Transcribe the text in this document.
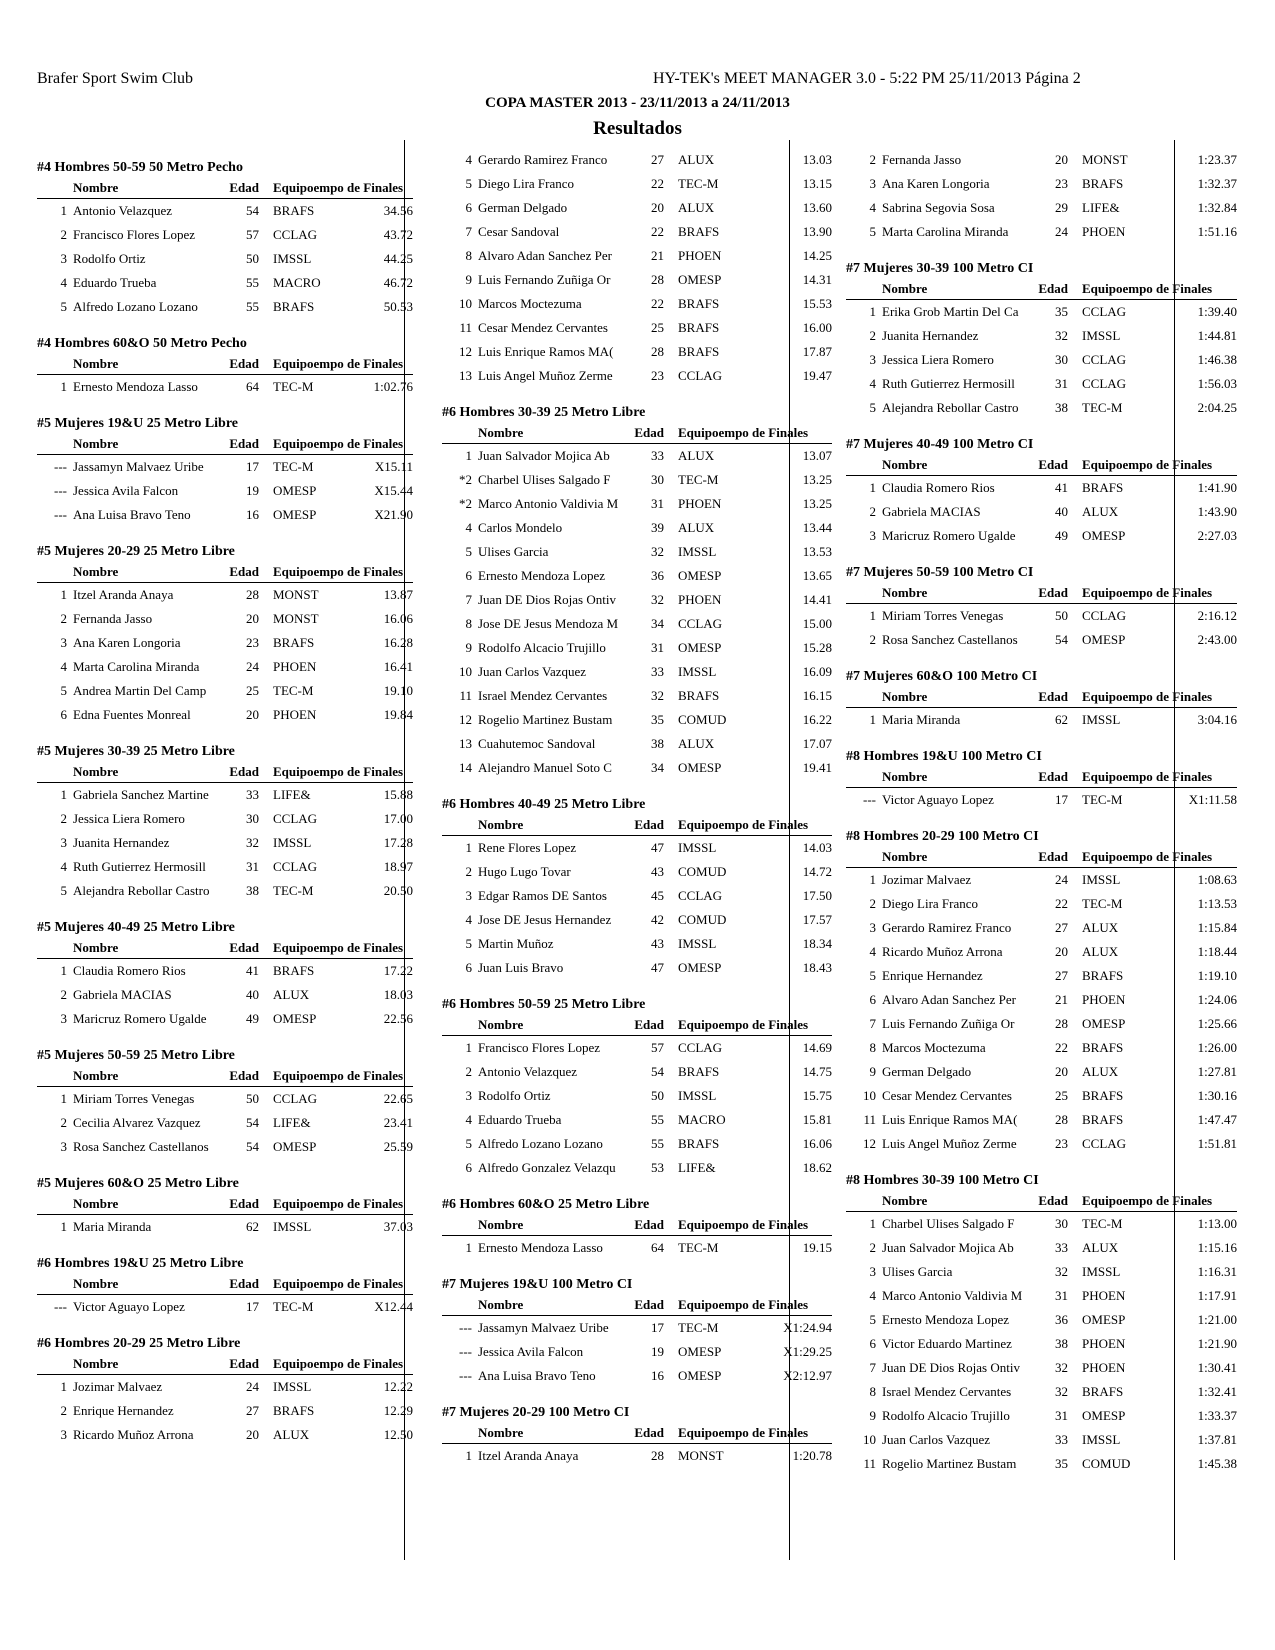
Brafer Sport Swim Club	HY-TEK's MEET MANAGER 3.0 - 5:22 PM 25/11/2013 Página 2
COPA MASTER 2013 - 23/11/2013 a 24/11/2013
Resultados
#4 Hombres 50-59 50 Metro Pecho
Nombre	Edad	Equipoempo de Finales
1 Antonio Velazquez	54	BRAFS	34.56
2 Francisco Flores Lopez	57	CCLAG	43.72
3 Rodolfo Ortiz	50	IMSSL	44.25
4 Eduardo Trueba	55	MACRO	46.72
5 Alfredo Lozano Lozano	55	BRAFS	50.53
#4 Hombres 60&O 50 Metro Pecho
Nombre	Edad	Equipoempo de Finales
1 Ernesto Mendoza Lasso	64	TEC-M	1:02.76
#5 Mujeres 19&U 25 Metro Libre
Nombre	Edad	Equipoempo de Finales
--- Jassamyn Malvaez Uribe	17	TEC-M	X15.11
--- Jessica Avila Falcon	19	OMESP	X15.44
--- Ana Luisa Bravo Teno	16	OMESP	X21.90
#5 Mujeres 20-29 25 Metro Libre
Nombre	Edad	Equipoempo de Finales
1 Itzel Aranda Anaya	28	MONST	13.87
2 Fernanda Jasso	20	MONST	16.06
3 Ana Karen Longoria	23	BRAFS	16.28
4 Marta Carolina Miranda	24	PHOEN	16.41
5 Andrea Martin Del Camp	25	TEC-M	19.10
6 Edna Fuentes Monreal	20	PHOEN	19.84
#5 Mujeres 30-39 25 Metro Libre
Nombre	Edad	Equipoempo de Finales
1 Gabriela Sanchez Martine	33	LIFE&	15.88
2 Jessica Liera Romero	30	CCLAG	17.00
3 Juanita Hernandez	32	IMSSL	17.28
4 Ruth Gutierrez Hermosill	31	CCLAG	18.97
5 Alejandra Rebollar Castro	38	TEC-M	20.50
#5 Mujeres 40-49 25 Metro Libre
Nombre	Edad	Equipoempo de Finales
1 Claudia Romero Rios	41	BRAFS	17.22
2 Gabriela MACIAS	40	ALUX	18.03
3 Maricruz Romero Ugalde	49	OMESP	22.56
#5 Mujeres 50-59 25 Metro Libre
Nombre	Edad	Equipoempo de Finales
1 Miriam Torres Venegas	50	CCLAG	22.65
2 Cecilia Alvarez Vazquez	54	LIFE&	23.41
3 Rosa Sanchez Castellanos	54	OMESP	25.59
#5 Mujeres 60&O 25 Metro Libre
Nombre	Edad	Equipoempo de Finales
1 Maria Miranda	62	IMSSL	37.03
#6 Hombres 19&U 25 Metro Libre
Nombre	Edad	Equipoempo de Finales
--- Victor Aguayo Lopez	17	TEC-M	X12.44
#6 Hombres 20-29 25 Metro Libre
Nombre	Edad	Equipoempo de Finales
1 Jozimar Malvaez	24	IMSSL	12.22
2 Enrique Hernandez	27	BRAFS	12.29
3 Ricardo Muñoz Arrona	20	ALUX	12.50
4 Gerardo Ramirez Franco	27	ALUX	13.03
5 Diego Lira Franco	22	TEC-M	13.15
6 German Delgado	20	ALUX	13.60
7 Cesar Sandoval	22	BRAFS	13.90
8 Alvaro Adan Sanchez Per	21	PHOEN	14.25
9 Luis Fernando Zuñiga Or	28	OMESP	14.31
10 Marcos Moctezuma	22	BRAFS	15.53
11 Cesar Mendez Cervantes	25	BRAFS	16.00
12 Luis Enrique Ramos MA(	28	BRAFS	17.87
13 Luis Angel Muñoz Zerme	23	CCLAG	19.47
#6 Hombres 30-39 25 Metro Libre
Nombre	Edad	Equipoempo de Finales
1 Juan Salvador Mojica Ab	33	ALUX	13.07
*2 Charbel Ulises Salgado F	30	TEC-M	13.25
*2 Marco Antonio Valdivia M	31	PHOEN	13.25
4 Carlos Mondelo	39	ALUX	13.44
5 Ulises Garcia	32	IMSSL	13.53
6 Ernesto Mendoza Lopez	36	OMESP	13.65
7 Juan DE Dios Rojas Ontiv	32	PHOEN	14.41
8 Jose DE Jesus Mendoza M	34	CCLAG	15.00
9 Rodolfo Alcacio Trujillo	31	OMESP	15.28
10 Juan Carlos Vazquez	33	IMSSL	16.09
11 Israel Mendez Cervantes	32	BRAFS	16.15
12 Rogelio Martinez Bustam	35	COMUD	16.22
13 Cuahutemoc Sandoval	38	ALUX	17.07
14 Alejandro Manuel Soto C	34	OMESP	19.41
#6 Hombres 40-49 25 Metro Libre
Nombre	Edad	Equipoempo de Finales
1 Rene Flores Lopez	47	IMSSL	14.03
2 Hugo Lugo Tovar	43	COMUD	14.72
3 Edgar Ramos DE Santos	45	CCLAG	17.50
4 Jose DE Jesus Hernandez	42	COMUD	17.57
5 Martin Muñoz	43	IMSSL	18.34
6 Juan Luis Bravo	47	OMESP	18.43
#6 Hombres 50-59 25 Metro Libre
Nombre	Edad	Equipoempo de Finales
1 Francisco Flores Lopez	57	CCLAG	14.69
2 Antonio Velazquez	54	BRAFS	14.75
3 Rodolfo Ortiz	50	IMSSL	15.75
4 Eduardo Trueba	55	MACRO	15.81
5 Alfredo Lozano Lozano	55	BRAFS	16.06
6 Alfredo Gonzalez Velazqu	53	LIFE&	18.62
#6 Hombres 60&O 25 Metro Libre
Nombre	Edad	Equipoempo de Finales
1 Ernesto Mendoza Lasso	64	TEC-M	19.15
#7 Mujeres 19&U 100 Metro CI
Nombre	Edad	Equipoempo de Finales
--- Jassamyn Malvaez Uribe	17	TEC-M	X1:24.94
--- Jessica Avila Falcon	19	OMESP	X1:29.25
--- Ana Luisa Bravo Teno	16	OMESP	X2:12.97
#7 Mujeres 20-29 100 Metro CI
Nombre	Edad	Equipoempo de Finales
1 Itzel Aranda Anaya	28	MONST	1:20.78
2 Fernanda Jasso	20	MONST	1:23.37
3 Ana Karen Longoria	23	BRAFS	1:32.37
4 Sabrina Segovia Sosa	29	LIFE&	1:32.84
5 Marta Carolina Miranda	24	PHOEN	1:51.16
#7 Mujeres 30-39 100 Metro CI
Nombre	Edad	Equipoempo de Finales
1 Erika Grob Martin Del Ca	35	CCLAG	1:39.40
2 Juanita Hernandez	32	IMSSL	1:44.81
3 Jessica Liera Romero	30	CCLAG	1:46.38
4 Ruth Gutierrez Hermosill	31	CCLAG	1:56.03
5 Alejandra Rebollar Castro	38	TEC-M	2:04.25
#7 Mujeres 40-49 100 Metro CI
Nombre	Edad	Equipoempo de Finales
1 Claudia Romero Rios	41	BRAFS	1:41.90
2 Gabriela MACIAS	40	ALUX	1:43.90
3 Maricruz Romero Ugalde	49	OMESP	2:27.03
#7 Mujeres 50-59 100 Metro CI
Nombre	Edad	Equipoempo de Finales
1 Miriam Torres Venegas	50	CCLAG	2:16.12
2 Rosa Sanchez Castellanos	54	OMESP	2:43.00
#7 Mujeres 60&O 100 Metro CI
Nombre	Edad	Equipoempo de Finales
1 Maria Miranda	62	IMSSL	3:04.16
#8 Hombres 19&U 100 Metro CI
Nombre	Edad	Equipoempo de Finales
--- Victor Aguayo Lopez	17	TEC-M	X1:11.58
#8 Hombres 20-29 100 Metro CI
Nombre	Edad	Equipoempo de Finales
1 Jozimar Malvaez	24	IMSSL	1:08.63
2 Diego Lira Franco	22	TEC-M	1:13.53
3 Gerardo Ramirez Franco	27	ALUX	1:15.84
4 Ricardo Muñoz Arrona	20	ALUX	1:18.44
5 Enrique Hernandez	27	BRAFS	1:19.10
6 Alvaro Adan Sanchez Per	21	PHOEN	1:24.06
7 Luis Fernando Zuñiga Or	28	OMESP	1:25.66
8 Marcos Moctezuma	22	BRAFS	1:26.00
9 German Delgado	20	ALUX	1:27.81
10 Cesar Mendez Cervantes	25	BRAFS	1:30.16
11 Luis Enrique Ramos MA(	28	BRAFS	1:47.47
12 Luis Angel Muñoz Zerme	23	CCLAG	1:51.81
#8 Hombres 30-39 100 Metro CI
Nombre	Edad	Equipoempo de Finales
1 Charbel Ulises Salgado F	30	TEC-M	1:13.00
2 Juan Salvador Mojica Ab	33	ALUX	1:15.16
3 Ulises Garcia	32	IMSSL	1:16.31
4 Marco Antonio Valdivia M	31	PHOEN	1:17.91
5 Ernesto Mendoza Lopez	36	OMESP	1:21.00
6 Victor Eduardo Martinez	38	PHOEN	1:21.90
7 Juan DE Dios Rojas Ontiv	32	PHOEN	1:30.41
8 Israel Mendez Cervantes	32	BRAFS	1:32.41
9 Rodolfo Alcacio Trujillo	31	OMESP	1:33.37
10 Juan Carlos Vazquez	33	IMSSL	1:37.81
11 Rogelio Martinez Bustam	35	COMUD	1:45.38
